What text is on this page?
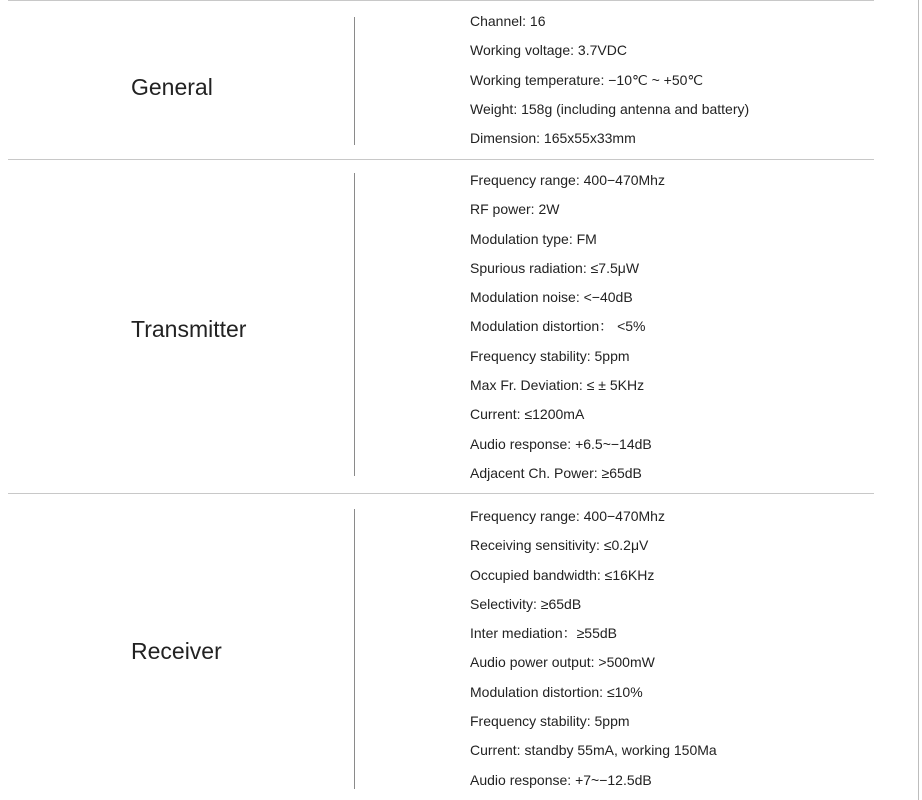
General
Channel: 16
Working voltage: 3.7VDC
Working temperature: −10℃ ~ +50℃
Weight: 158g (including antenna and battery)
Dimension: 165x55x33mm
Transmitter
Frequency range: 400−470Mhz
RF power: 2W
Modulation type: FM
Spurious radiation: ≤7.5μW
Modulation noise: <−40dB
Modulation distortion： <5%
Frequency stability: 5ppm
Max Fr. Deviation: ≤ ± 5KHz
Current: ≤1200mA
Audio response: +6.5~−14dB
Adjacent Ch. Power: ≥65dB
Receiver
Frequency range: 400−470Mhz
Receiving sensitivity: ≤0.2μV
Occupied bandwidth: ≤16KHz
Selectivity: ≥65dB
Inter mediation：≥55dB
Audio power output: >500mW
Modulation distortion: ≤10%
Frequency stability: 5ppm
Current: standby 55mA, working 150Ma
Audio response: +7~−12.5dB
